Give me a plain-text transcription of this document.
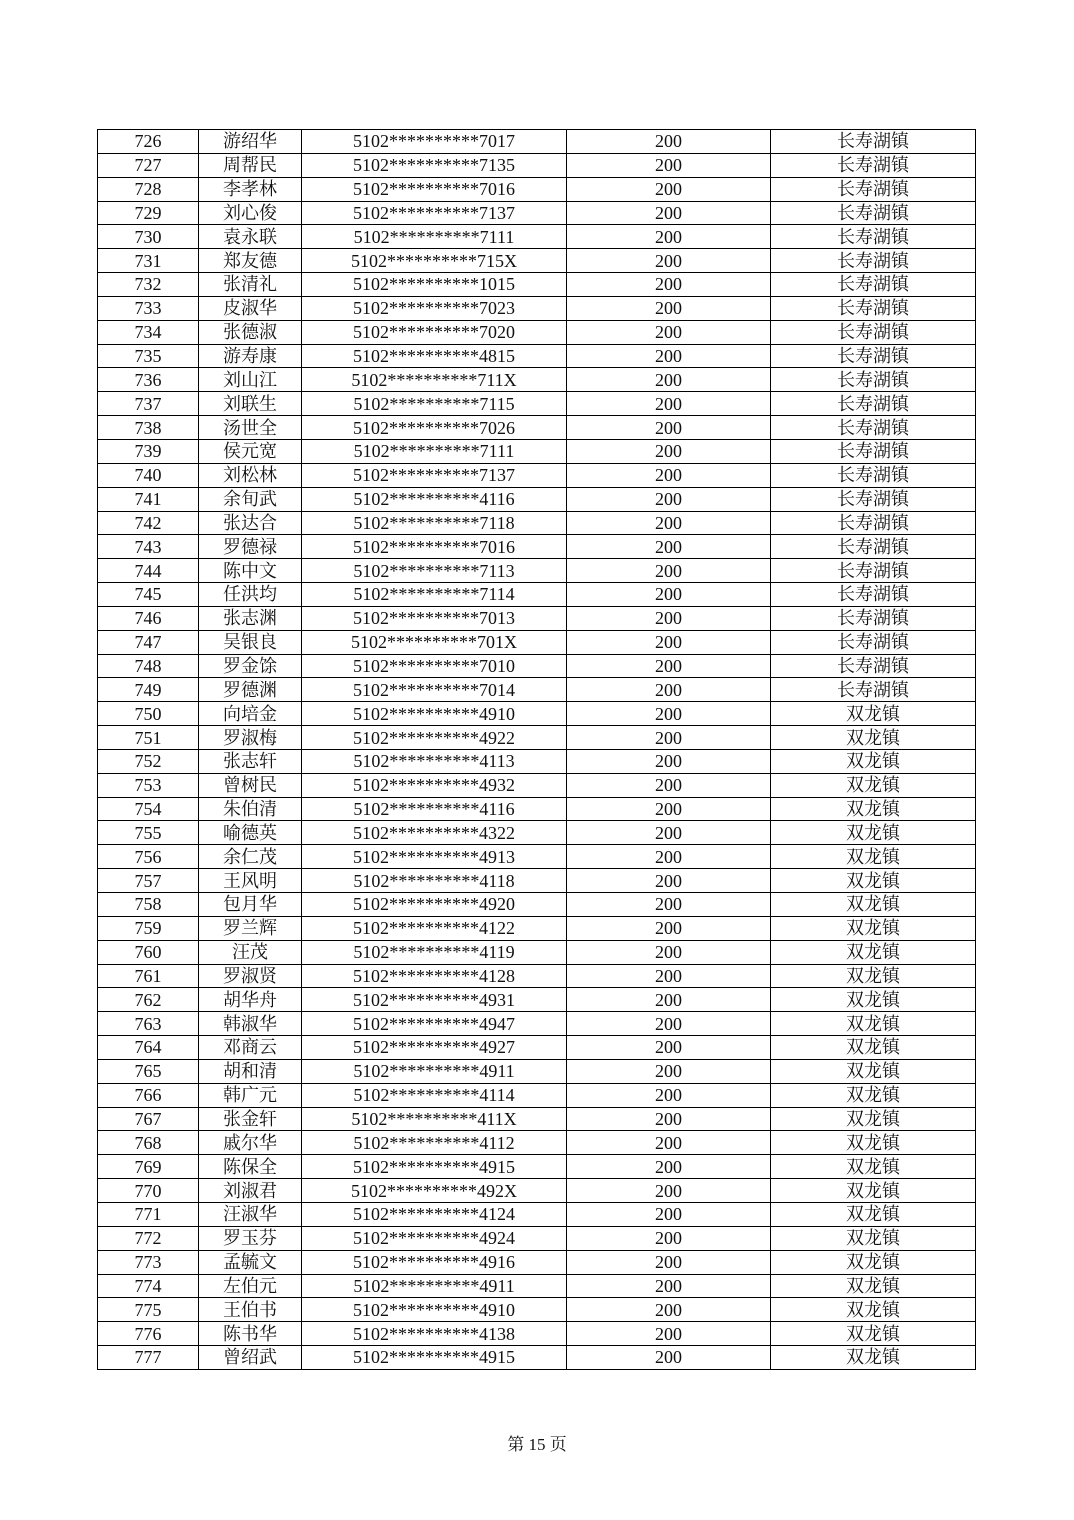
726	游绍华	5102**********7017	200	长寿湖镇
727	周帮民	5102**********7135	200	长寿湖镇
728	李孝林	5102**********7016	200	长寿湖镇
729	刘心俊	5102**********7137	200	长寿湖镇
730	袁永联	5102**********7111	200	长寿湖镇
731	郑友德	5102**********715X	200	长寿湖镇
732	张清礼	5102**********1015	200	长寿湖镇
733	皮淑华	5102**********7023	200	长寿湖镇
734	张德淑	5102**********7020	200	长寿湖镇
735	游寿康	5102**********4815	200	长寿湖镇
736	刘山江	5102**********711X	200	长寿湖镇
737	刘联生	5102**********7115	200	长寿湖镇
738	汤世全	5102**********7026	200	长寿湖镇
739	侯元宽	5102**********7111	200	长寿湖镇
740	刘松林	5102**********7137	200	长寿湖镇
741	余旬武	5102**********4116	200	长寿湖镇
742	张达合	5102**********7118	200	长寿湖镇
743	罗德禄	5102**********7016	200	长寿湖镇
744	陈中文	5102**********7113	200	长寿湖镇
745	任洪均	5102**********7114	200	长寿湖镇
746	张志渊	5102**********7013	200	长寿湖镇
747	吴银良	5102**********701X	200	长寿湖镇
748	罗金馀	5102**********7010	200	长寿湖镇
749	罗德渊	5102**********7014	200	长寿湖镇
750	向培金	5102**********4910	200	双龙镇
751	罗淑梅	5102**********4922	200	双龙镇
752	张志轩	5102**********4113	200	双龙镇
753	曾树民	5102**********4932	200	双龙镇
754	朱伯清	5102**********4116	200	双龙镇
755	喻德英	5102**********4322	200	双龙镇
756	余仁茂	5102**********4913	200	双龙镇
757	王风明	5102**********4118	200	双龙镇
758	包月华	5102**********4920	200	双龙镇
759	罗兰辉	5102**********4122	200	双龙镇
760	汪茂	5102**********4119	200	双龙镇
761	罗淑贤	5102**********4128	200	双龙镇
762	胡华舟	5102**********4931	200	双龙镇
763	韩淑华	5102**********4947	200	双龙镇
764	邓商云	5102**********4927	200	双龙镇
765	胡和清	5102**********4911	200	双龙镇
766	韩广元	5102**********4114	200	双龙镇
767	张金轩	5102**********411X	200	双龙镇
768	戚尔华	5102**********4112	200	双龙镇
769	陈保全	5102**********4915	200	双龙镇
770	刘淑君	5102**********492X	200	双龙镇
771	汪淑华	5102**********4124	200	双龙镇
772	罗玉芬	5102**********4924	200	双龙镇
773	孟毓文	5102**********4916	200	双龙镇
774	左伯元	5102**********4911	200	双龙镇
775	王伯书	5102**********4910	200	双龙镇
776	陈书华	5102**********4138	200	双龙镇
777	曾绍武	5102**********4915	200	双龙镇
第 15 页
